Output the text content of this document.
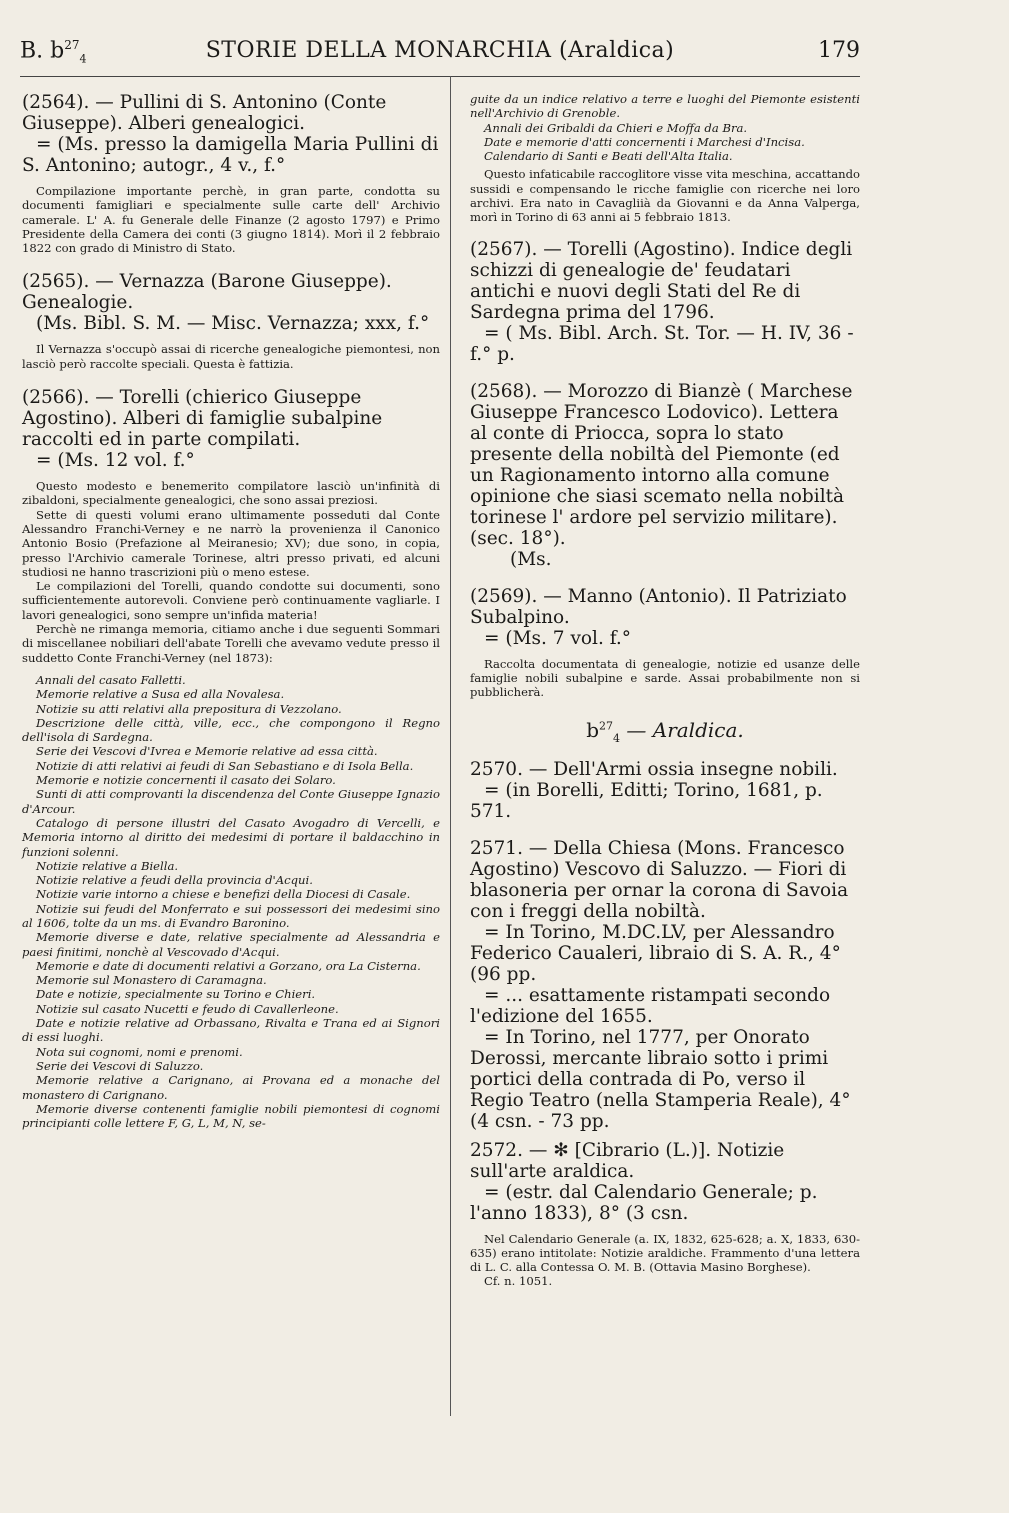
B. $b^{27}_4$	STORIE DELLA MONARCHIA (Araldica)	179

(2564). — Pullini di S. Antonino (Conte Giuseppe). Alberi genealogici.

= (Ms. presso la damigella Maria Pullini di S. Antonino; autogr., 4 v., f.°

Compilazione importante perchè, in gran parte, condotta su documenti famigliari e specialmente sulle carte dell' Archivio camerale. L' A. fu Generale delle Finanze (2 agosto 1797) e Primo Presidente della Camera dei conti (3 giugno 1814). Morì il 2 febbraio 1822 con grado di Ministro di Stato.

(2565). — Vernazza (Barone Giuseppe). Genealogie.

(Ms. Bibl. S. M. — Misc. Vernazza; xxx, f.°

Il Vernazza s'occupò assai di ricerche genealogiche piemontesi, non lasciò però raccolte speciali. Questa è fattizia.

(2566). — Torelli (chierico Giuseppe Agostino). Alberi di famiglie subalpine raccolti ed in parte compilati.

= (Ms. 12 vol. f.°

Questo modesto e benemerito compilatore lasciò un'infinità di zibaldoni, specialmente genealogici, che sono assai preziosi.

Sette di questi volumi erano ultimamente posseduti dal Conte Alessandro Franchi-Verney e ne narrò la provenienza il Canonico Antonio Bosio (Prefazione al Meiranesio; XV); due sono, in copia, presso l'Archivio camerale Torinese, altri presso privati, ed alcuni studiosi ne hanno trascrizioni più o meno estese.

Le compilazioni del Torelli, quando condotte sui documenti, sono sufficientemente autorevoli. Conviene però continuamente vagliarle. I lavori genealogici, sono sempre un'infida materia!

Perchè ne rimanga memoria, citiamo anche i due seguenti Sommari di miscellanee nobiliari dell'abate Torelli che avevamo vedute presso il suddetto Conte Franchi-Verney (nel 1873):

Annali del casato Falletti.

Memorie relative a Susa ed alla Novalesa.

Notizie su atti relativi alla prepositura di Vezzolano.

Descrizione delle città, ville, ecc., che compongono il Regno dell'isola di Sardegna.

Serie dei Vescovi d'Ivrea e Memorie relative ad essa città.

Notizie di atti relativi ai feudi di San Sebastiano e di Isola Bella.

Memorie e notizie concernenti il casato dei Solaro.

Sunti di atti comprovanti la discendenza del Conte Giuseppe Ignazio d'Arcour.

Catalogo di persone illustri del Casato Avogadro di Vercelli, e Memoria intorno al diritto dei medesimi di portare il baldacchino in funzioni solenni.

Notizie relative a Biella.

Notizie relative a feudi della provincia d'Acqui.

Notizie varie intorno a chiese e benefizi della Diocesi di Casale.

Notizie sui feudi del Monferrato e sui possessori dei medesimi sino al 1606, tolte da un ms. di Evandro Baronino.

Memorie diverse e date, relative specialmente ad Alessandria e paesi finitimi, nonchè al Vescovado d'Acqui.

Memorie e date di documenti relativi a Gorzano, ora La Cisterna.

Memorie sul Monastero di Caramagna.

Date e notizie, specialmente su Torino e Chieri.

Notizie sul casato Nucetti e feudo di Cavallerleone.

Date e notizie relative ad Orbassano, Rivalta e Trana ed ai Signori di essi luoghi.

Nota sui cognomi, nomi e prenomi.

Serie dei Vescovi di Saluzzo.

Memorie relative a Carignano, ai Provana ed a monache del monastero di Carignano.

Memorie diverse contenenti famiglie nobili piemontesi di cognomi principianti colle lettere F, G, L, M, N, se-

guite da un indice relativo a terre e luoghi del Piemonte esistenti nell'Archivio di Grenoble.

Annali dei Gribaldi da Chieri e Moffa da Bra.

Date e memorie d'atti concernenti i Marchesi d'Incisa.

Calendario di Santi e Beati dell'Alta Italia.

Questo infaticabile raccoglitore visse vita meschina, accattando sussidi e compensando le ricche famiglie con ricerche nei loro archivi. Era nato in Cavagliià da Giovanni e da Anna Valperga, morì in Torino di 63 anni ai 5 febbraio 1813.

(2567). — Torelli (Agostino). Indice degli schizzi di genealogie de' feudatari antichi e nuovi degli Stati del Re di Sardegna prima del 1796.

= ( Ms. Bibl. Arch. St. Tor. — H. IV, 36 - f.° p.

(2568). — Morozzo di Bianzè ( Marchese Giuseppe Francesco Lodovico). Lettera al conte di Priocca, sopra lo stato presente della nobiltà del Piemonte (ed un Ragionamento intorno alla comune opinione che siasi scemato nella nobiltà torinese l' ardore pel servizio militare). (sec. 18°).

(Ms.

(2569). — Manno (Antonio). Il Patriziato Subalpino.

= (Ms. 7 vol. f.°

Raccolta documentata di genealogie, notizie ed usanze delle famiglie nobili subalpine e sarde. Assai probabilmente non si pubblicherà.

$b^{27}_4$ — Araldica.

2570. — Dell'Armi ossia insegne nobili.

= (in Borelli, Editti; Torino, 1681, p. 571.

2571. — Della Chiesa (Mons. Francesco Agostino) Vescovo di Saluzzo. — Fiori di blasoneria per ornar la corona di Savoia con i freggi della nobiltà.

= In Torino, M.DC.LV, per Alessandro Federico Caualeri, libraio di S. A. R., 4° (96 pp.

= ... esattamente ristampati secondo l'edizione del 1655.

= In Torino, nel 1777, per Onorato Derossi, mercante libraio sotto i primi portici della contrada di Po, verso il Regio Teatro (nella Stamperia Reale), 4° (4 csn. - 73 pp.

2572. — ✻ [Cibrario (L.)]. Notizie sull'arte araldica.

= (estr. dal Calendario Generale; p. l'anno 1833), 8° (3 csn.

Nel Calendario Generale (a. IX, 1832, 625-628; a. X, 1833, 630-635) erano intitolate: Notizie araldiche. Frammento d'una lettera di L. C. alla Contessa O. M. B. (Ottavia Masino Borghese).

Cf. n. 1051.
